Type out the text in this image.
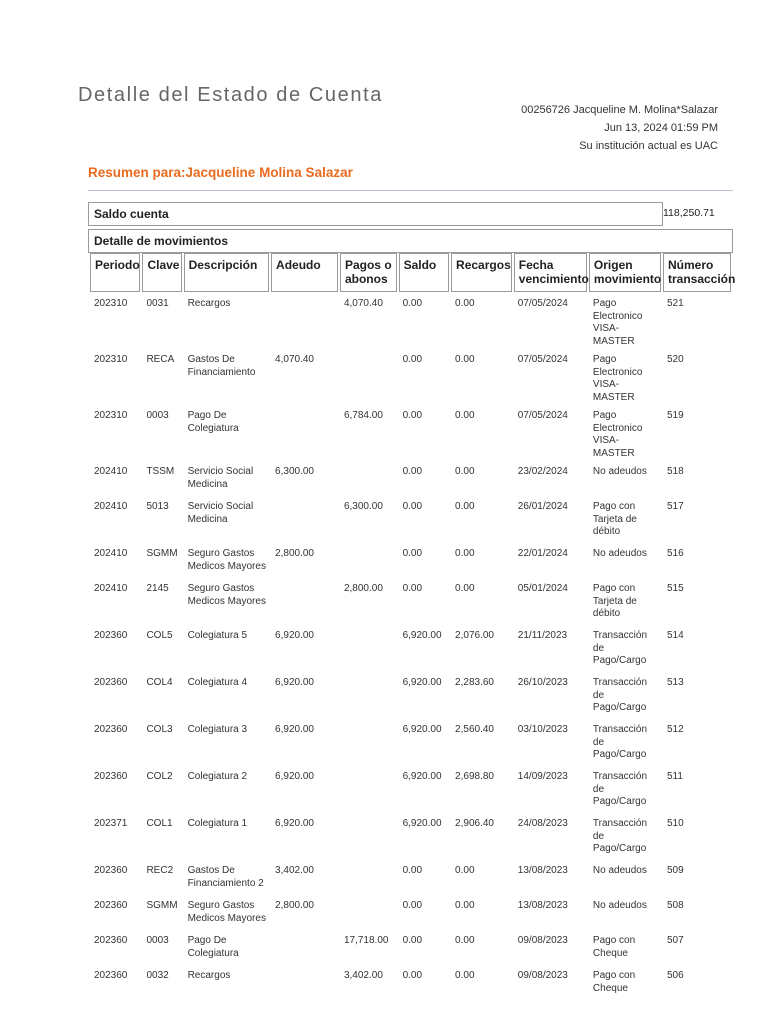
Detalle del Estado de Cuenta
00256726 Jacqueline M. Molina*Salazar
Jun 13, 2024 01:59 PM
Su institución actual es UAC
Resumen para:Jacqueline Molina Salazar
Saldo cuenta	118,250.71
Detalle de movimientos
Periodo	Clave	Descripción	Adeudo	Pagos o abonos	Saldo	Recargos	Fecha vencimiento	Origen movimiento	Número transacción
202310	0031	Recargos		4,070.40	0.00	0.00	07/05/2024	Pago Electronico VISA-MASTER	521
202310	RECA	Gastos De Financiamiento	4,070.40		0.00	0.00	07/05/2024	Pago Electronico VISA-MASTER	520
202310	0003	Pago De Colegiatura		6,784.00	0.00	0.00	07/05/2024	Pago Electronico VISA-MASTER	519
202410	TSSM	Servicio Social Medicina	6,300.00		0.00	0.00	23/02/2024	No adeudos	518
202410	5013	Servicio Social Medicina		6,300.00	0.00	0.00	26/01/2024	Pago con Tarjeta de débito	517
202410	SGMM	Seguro Gastos Medicos Mayores	2,800.00		0.00	0.00	22/01/2024	No adeudos	516
202410	2145	Seguro Gastos Medicos Mayores		2,800.00	0.00	0.00	05/01/2024	Pago con Tarjeta de débito	515
202360	COL5	Colegiatura 5	6,920.00		6,920.00	2,076.00	21/11/2023	Transacción de Pago/Cargo	514
202360	COL4	Colegiatura 4	6,920.00		6,920.00	2,283.60	26/10/2023	Transacción de Pago/Cargo	513
202360	COL3	Colegiatura 3	6,920.00		6,920.00	2,560.40	03/10/2023	Transacción de Pago/Cargo	512
202360	COL2	Colegiatura 2	6,920.00		6,920.00	2,698.80	14/09/2023	Transacción de Pago/Cargo	511
202371	COL1	Colegiatura 1	6,920.00		6,920.00	2,906.40	24/08/2023	Transacción de Pago/Cargo	510
202360	REC2	Gastos De Financiamiento 2	3,402.00		0.00	0.00	13/08/2023	No adeudos	509
202360	SGMM	Seguro Gastos Medicos Mayores	2,800.00		0.00	0.00	13/08/2023	No adeudos	508
202360	0003	Pago De Colegiatura		17,718.00	0.00	0.00	09/08/2023	Pago con Cheque	507
202360	0032	Recargos		3,402.00	0.00	0.00	09/08/2023	Pago con Cheque	506
